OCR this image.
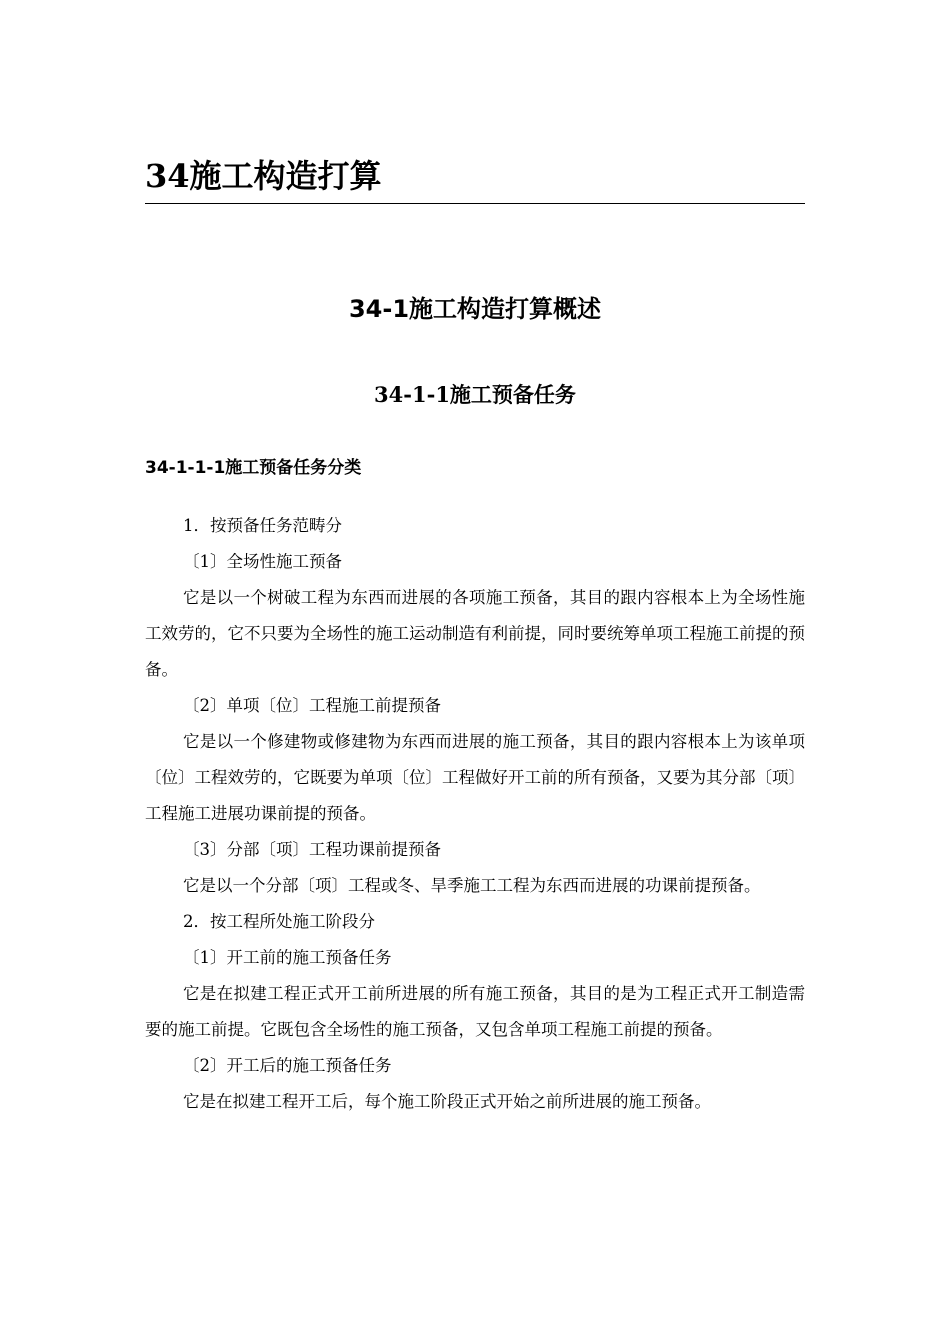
34施工构造打算
34-1施工构造打算概述
34-1-1施工预备任务
34-1-1-1施工预备任务分类

1．按预备任务范畴分

〔1〕全场性施工预备

它是以一个树破工程为东西而进展的各项施工预备，其目的跟内容根本上为全场性施工效劳的，它不只要为全场性的施工运动制造有利前提，同时要统筹单项工程施工前提的预备。

〔2〕单项〔位〕工程施工前提预备

它是以一个修建物或修建物为东西而进展的施工预备，其目的跟内容根本上为该单项〔位〕工程效劳的，它既要为单项〔位〕工程做好开工前的所有预备，又要为其分部〔项〕工程施工进展功课前提的预备。

〔3〕分部〔项〕工程功课前提预备

它是以一个分部〔项〕工程或冬、旱季施工工程为东西而进展的功课前提预备。

2．按工程所处施工阶段分

〔1〕开工前的施工预备任务

它是在拟建工程正式开工前所进展的所有施工预备，其目的是为工程正式开工制造需要的施工前提。它既包含全场性的施工预备，又包含单项工程施工前提的预备。

〔2〕开工后的施工预备任务

它是在拟建工程开工后，每个施工阶段正式开始之前所进展的施工预备。
